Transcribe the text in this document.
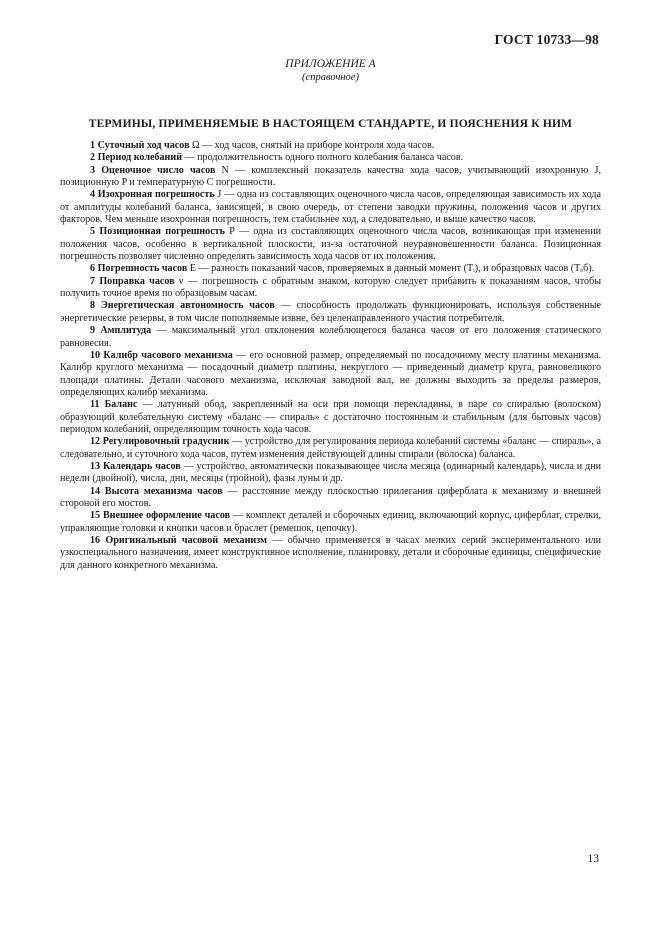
ГОСТ 10733—98
ПРИЛОЖЕНИЕ А
(справочное)
ТЕРМИНЫ, ПРИМЕНЯЕМЫЕ В НАСТОЯЩЕМ СТАНДАРТЕ, И ПОЯСНЕНИЯ К НИМ

1 Суточный ход часов Ω — ход часов, снятый на приборе контроля хода часов.

2 Период колебаний — продолжительность одного полного колебания баланса часов.

3 Оценочное число часов N — комплексный показатель качества хода часов, учитывающий изохронную J, позиционную P и температурную C погрешности.

4 Изохронная погрешность J — одна из составляющих оценочного числа часов, определяющая зависимость их хода от амплитуды колебаний баланса, зависящей, в свою очередь, от степени заводки пружины, положения часов и других факторов. Чем меньше изохронная погрешность, тем стабильнее ход, а следовательно, и выше качество часов.

5 Позиционная погрешность P — одна из составляющих оценочного числа часов, возникающая при изменении положения часов, особенно в вертикальной плоскости, из-за остаточной неуравновешенности баланса. Позиционная погрешность позволяет численно определять зависимость хода часов от их положения.

6 Погрешность часов E — разность показаний часов, проверяемых в данный момент (Tᵢ), и образцовых часов (Tₒб).

7 Поправка часов ν — погрешность с обратным знаком, которую следует прибавить к показаниям часов, чтобы получить точное время по образцовым часам.

8 Энергетическая автономность часов — способность продолжать функционировать, используя собственные энергетические резервы, в том числе пополняемые извне, без целенаправленного участия потребителя.

9 Амплитуда — максимальный угол отклонения колеблющегося баланса часов от его положения статического равновесия.

10 Калибр часового механизма — его основной размер, определяемый по посадочному месту платины механизма. Калибр круглого механизма — посадочный диаметр платины, некруглого — приведенный диаметр круга, равновеликого площади платины. Детали часового механизма, исключая заводной вал, не должны выходить за пределы размеров, определяющих калибр механизма.

11 Баланс — латунный обод, закрепленный на оси при помощи перекладины, в паре со спиралью (волоском) образующий колебательную систему «баланс — спираль» с достаточно постоянным и стабильным (для бытовых часов) периодом колебаний, определяющим точность хода часов.

12 Регулировочный градусник — устройство для регулирования периода колебаний системы «баланс — спираль», а следовательно, и суточного хода часов, путем изменения действующей длины спирали (волоска) баланса.

13 Календарь часов — устройство, автоматически показывающее числа месяца (одинарный календарь), числа и дни недели (двойной), числа, дни, месяцы (тройной), фазы луны и др.

14 Высота механизма часов — расстояние между плоскостью прилегания циферблата к механизму и внешней стороной его мостов.

15 Внешнее оформление часов — комплект деталей и сборочных единиц, включающий корпус, циферблат, стрелки, управляющие головки и кнопки часов и браслет (ремешок, цепочку).

16 Оригинальный часовой механизм — обычно применяется в часах мелких серий экспериментального или узкоспециального назначения, имеет конструктивное исполнение, планировку, детали и сборочные единицы, специфические для данного конкретного механизма.

13
